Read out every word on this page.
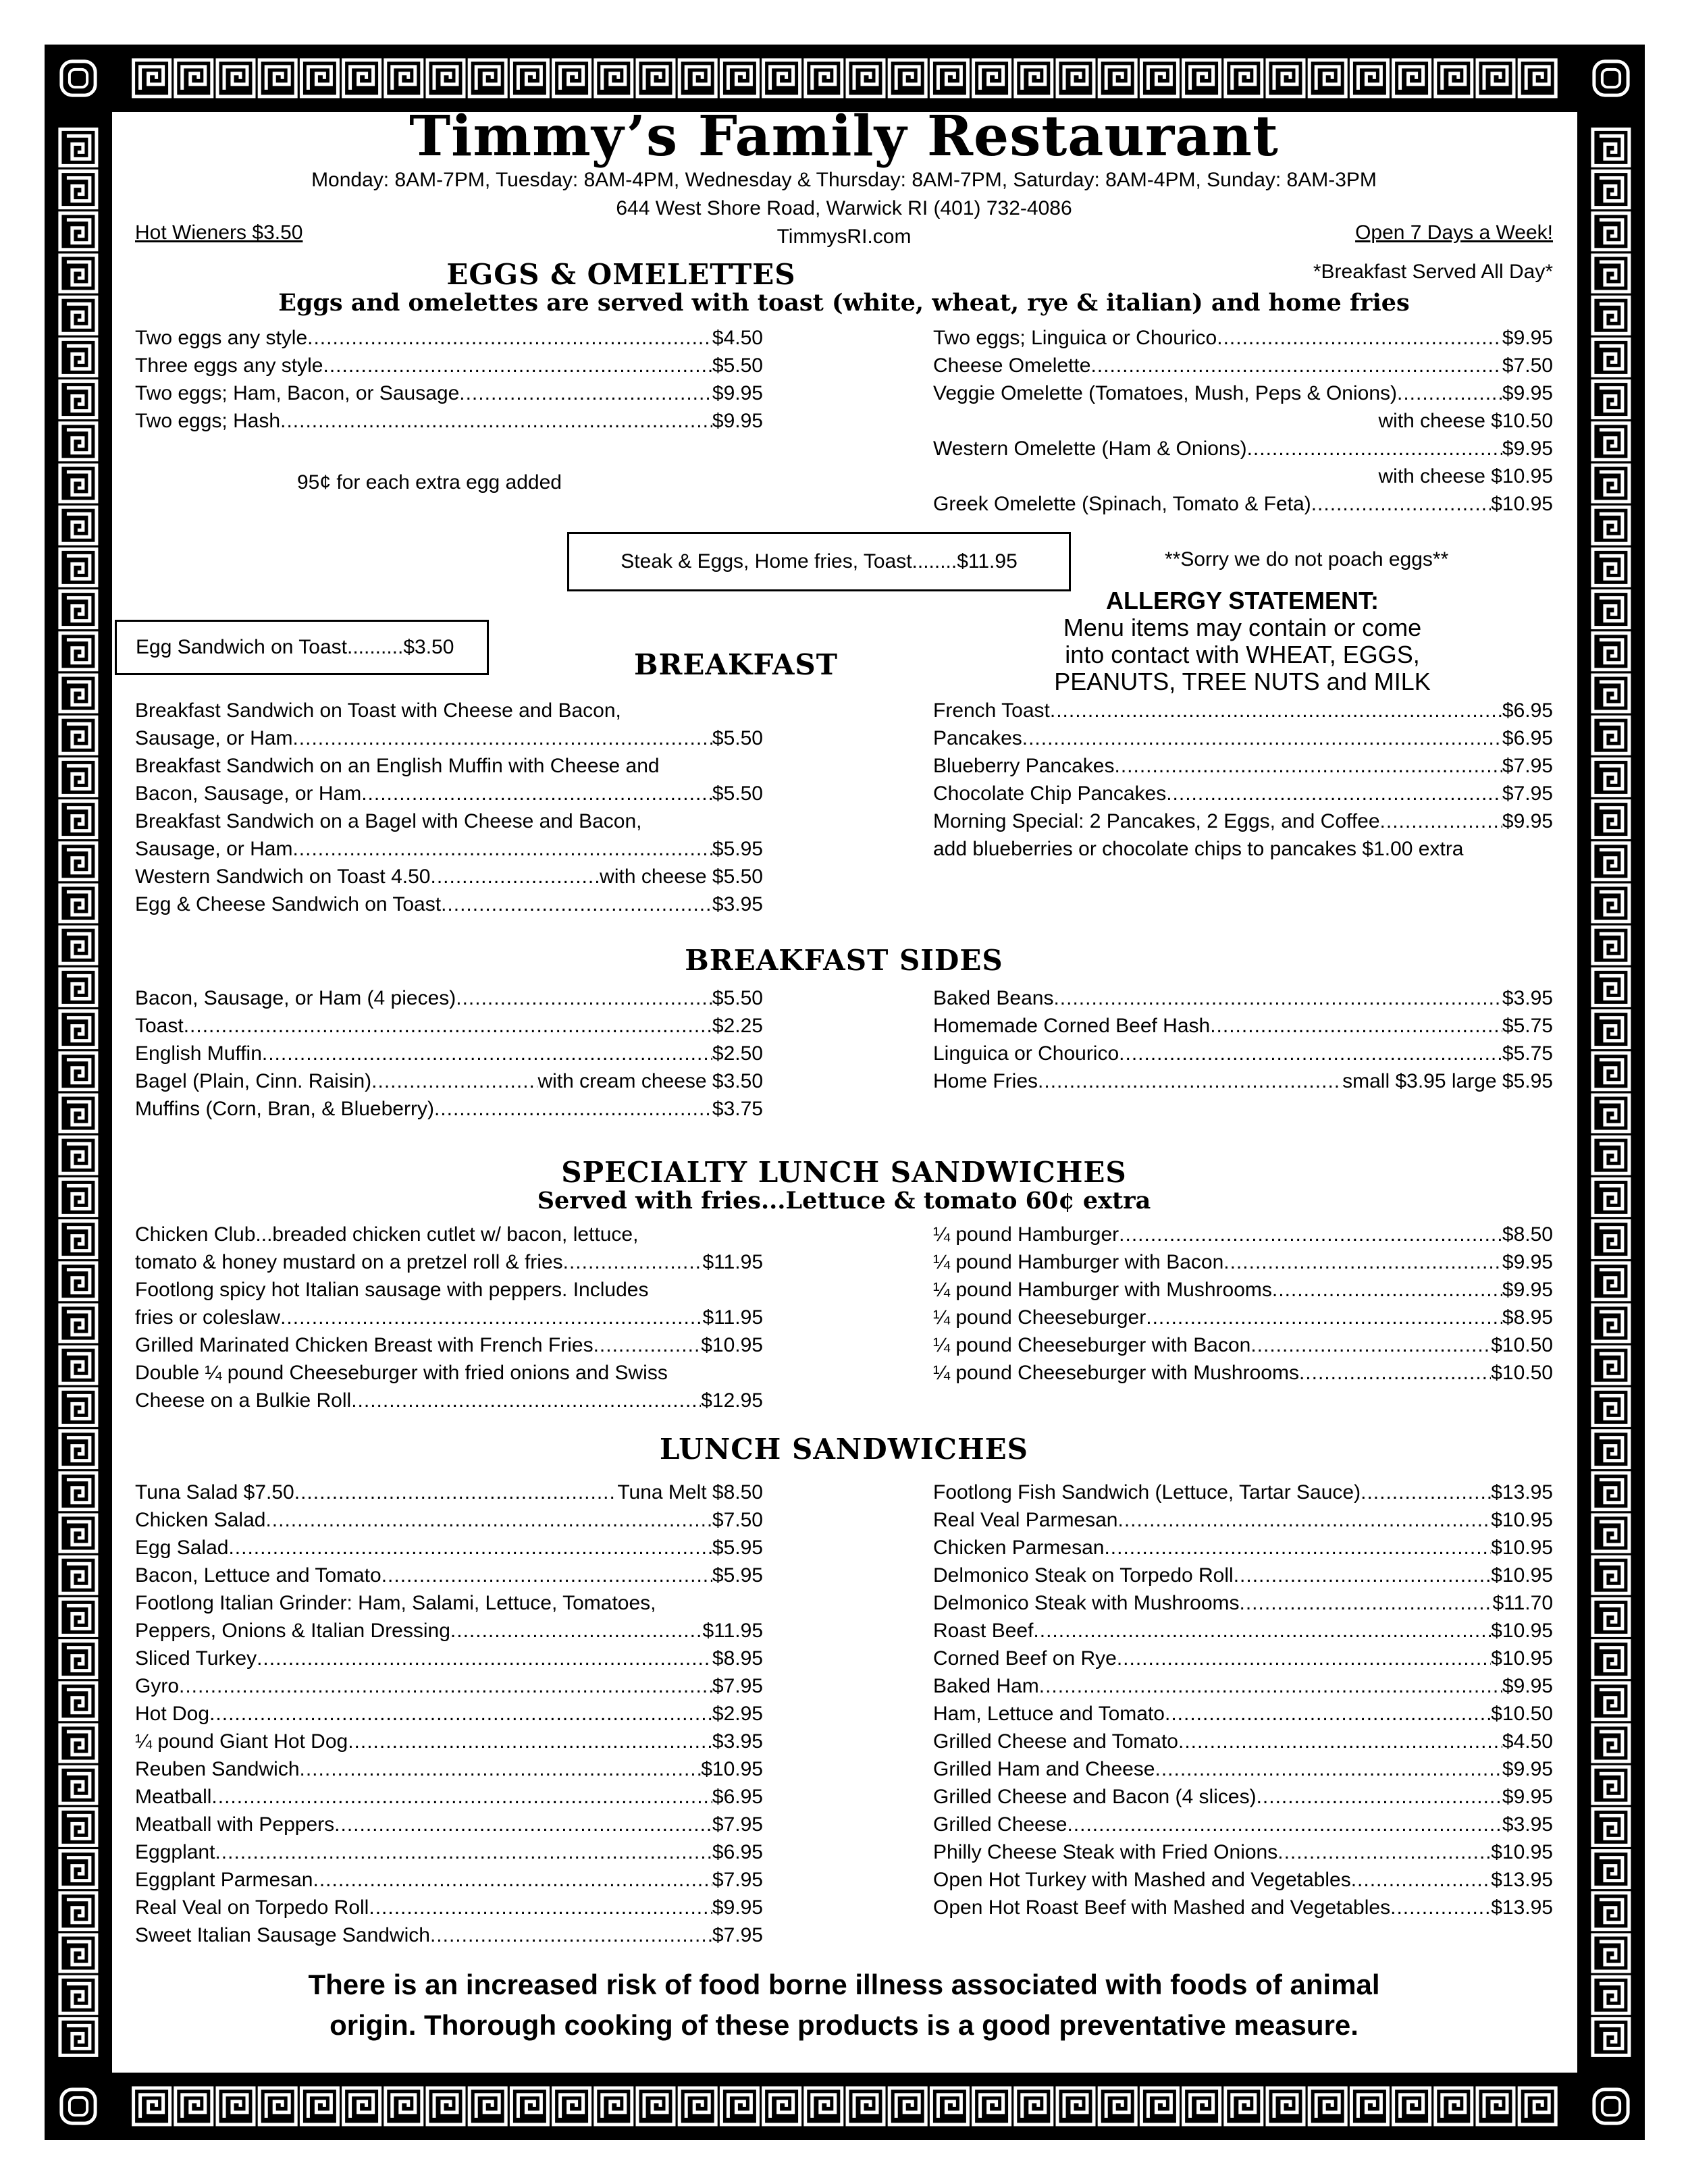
Timmy’s Family Restaurant
Monday: 8AM-7PM, Tuesday: 8AM-4PM, Wednesday & Thursday: 8AM-7PM, Saturday: 8AM-4PM, Sunday: 8AM-3PM
644 West Shore Road, Warwick RI (401) 732-4086
TimmysRI.com
Hot Wieners $3.50	Open 7 Days a Week!
EGGS & OMELETTES	*Breakfast Served All Day*
Eggs and omelettes are served with toast (white, wheat, rye & italian) and home fries
Two eggs any style .....	$4.50
Three eggs any style .....	$5.50
Two eggs; Ham, Bacon, or Sausage .....	$9.95
Two eggs; Hash .....	$9.95
95¢ for each extra egg added
Two eggs; Linguica or Chourico .....	$9.95
Cheese Omelette .....	$7.50
Veggie Omelette (Tomatoes, Mush, Peps & Onions) .....	$9.95
with cheese $10.50
Western Omelette (Ham & Onions) .....	$9.95
with cheese $10.95
Greek Omelette (Spinach, Tomato & Feta) .....	$10.95
Steak & Eggs, Home fries, Toast........$11.95	**Sorry we do not poach eggs**
Egg Sandwich on Toast..........$3.50
ALLERGY STATEMENT:
Menu items may contain or come
into contact with WHEAT, EGGS,
PEANUTS, TREE NUTS and MILK
BREAKFAST
Breakfast Sandwich on Toast with Cheese and Bacon,
Sausage, or Ham .....	$5.50
Breakfast Sandwich on an English Muffin with Cheese and
Bacon, Sausage, or Ham .....	$5.50
Breakfast Sandwich on a Bagel with Cheese and Bacon,
Sausage, or Ham .....	$5.95
Western Sandwich on Toast 4.50 .....	with cheese $5.50
Egg & Cheese Sandwich on Toast .....	$3.95
French Toast .....	$6.95
Pancakes .....	$6.95
Blueberry Pancakes .....	$7.95
Chocolate Chip Pancakes .....	$7.95
Morning Special: 2 Pancakes, 2 Eggs, and Coffee .....	$9.95
add blueberries or chocolate chips to pancakes $1.00 extra
BREAKFAST SIDES
Bacon, Sausage, or Ham (4 pieces) .....	$5.50
Toast .....	$2.25
English Muffin .....	$2.50
Bagel (Plain, Cinn. Raisin) .....	with cream cheese $3.50
Muffins (Corn, Bran, & Blueberry) .....	$3.75
Baked Beans .....	$3.95
Homemade Corned Beef Hash .....	$5.75
Linguica or Chourico .....	$5.75
Home Fries .....	small $3.95 large $5.95
SPECIALTY LUNCH SANDWICHES
Served with fries...Lettuce & tomato 60¢ extra
Chicken Club...breaded chicken cutlet w/ bacon, lettuce,
tomato & honey mustard on a pretzel roll & fries .....	$11.95
Footlong spicy hot Italian sausage with peppers. Includes
fries or coleslaw .....	$11.95
Grilled Marinated Chicken Breast with French Fries .....	$10.95
Double ¼ pound Cheeseburger with fried onions and Swiss
Cheese on a Bulkie Roll .....	$12.95
¼ pound Hamburger .....	$8.50
¼ pound Hamburger with Bacon .....	$9.95
¼ pound Hamburger with Mushrooms .....	$9.95
¼ pound Cheeseburger .....	$8.95
¼ pound Cheeseburger with Bacon .....	$10.50
¼ pound Cheeseburger with Mushrooms .....	$10.50
LUNCH SANDWICHES
Tuna Salad $7.50 .....	Tuna Melt $8.50
Chicken Salad .....	$7.50
Egg Salad .....	$5.95
Bacon, Lettuce and Tomato .....	$5.95
Footlong Italian Grinder: Ham, Salami, Lettuce, Tomatoes,
Peppers, Onions & Italian Dressing .....	$11.95
Sliced Turkey .....	$8.95
Gyro .....	$7.95
Hot Dog .....	$2.95
¼ pound Giant Hot Dog .....	$3.95
Reuben Sandwich .....	$10.95
Meatball .....	$6.95
Meatball with Peppers .....	$7.95
Eggplant .....	$6.95
Eggplant Parmesan .....	$7.95
Real Veal on Torpedo Roll .....	$9.95
Sweet Italian Sausage Sandwich .....	$7.95
Footlong Fish Sandwich (Lettuce, Tartar Sauce) .....	$13.95
Real Veal Parmesan .....	$10.95
Chicken Parmesan .....	$10.95
Delmonico Steak on Torpedo Roll .....	$10.95
Delmonico Steak with Mushrooms .....	$11.70
Roast Beef .....	$10.95
Corned Beef on Rye .....	$10.95
Baked Ham .....	$9.95
Ham, Lettuce and Tomato .....	$10.50
Grilled Cheese and Tomato .....	$4.50
Grilled Ham and Cheese .....	$9.95
Grilled Cheese and Bacon (4 slices) .....	$9.95
Grilled Cheese .....	$3.95
Philly Cheese Steak with Fried Onions .....	$10.95
Open Hot Turkey with Mashed and Vegetables .....	$13.95
Open Hot Roast Beef with Mashed and Vegetables .....	$13.95
There is an increased risk of food borne illness associated with foods of animal
origin. Thorough cooking of these products is a good preventative measure.
